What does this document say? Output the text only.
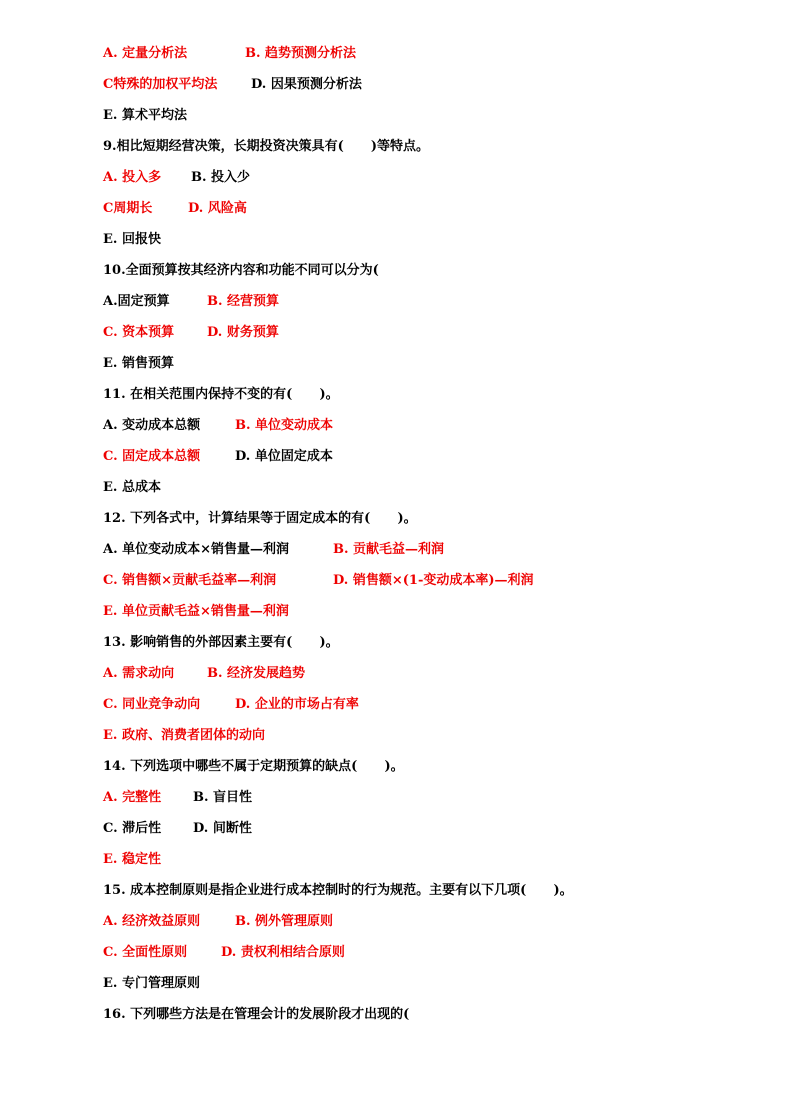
A. 定量分析法	B. 趋势预测分析法
C特殊的加权平均法	D. 因果预测分析法
E. 算术平均法
9.相比短期经营决策，长期投资决策具有(      )等特点。
A. 投入多 B. 投入少
C周期长	D. 风险高
E. 回报快
10.全面预算按其经济内容和功能不同可以分为(
A.固定预算	B. 经营预算
C. 资本预算	D. 财务预算
E. 销售预算
11. 在相关范围内保持不变的有(      )。
A. 变动成本总额	B. 单位变动成本
C. 固定成本总额	D. 单位固定成本
E. 总成本
12. 下列各式中，计算结果等于固定成本的有(      )。
A. 单位变动成本×销售量—利润	B. 贡献毛益—利润
C. 销售额×贡献毛益率—利润	D. 销售额×(1-变动成本率)—利润
E. 单位贡献毛益×销售量—利润
13. 影响销售的外部因素主要有(      )。
A. 需求动向	B. 经济发展趋势
C. 同业竞争动向	D. 企业的市场占有率
E. 政府、消费者团体的动向
14. 下列选项中哪些不属于定期预算的缺点(      )。
A. 完整性 B. 盲目性
C. 滞后性 D. 间断性
E. 稳定性
15. 成本控制原则是指企业进行成本控制时的行为规范。主要有以下几项(      )。
A. 经济效益原则	B. 例外管理原则
C. 全面性原则	D. 责权利相结合原则
E. 专门管理原则
16. 下列哪些方法是在管理会计的发展阶段才出现的(
